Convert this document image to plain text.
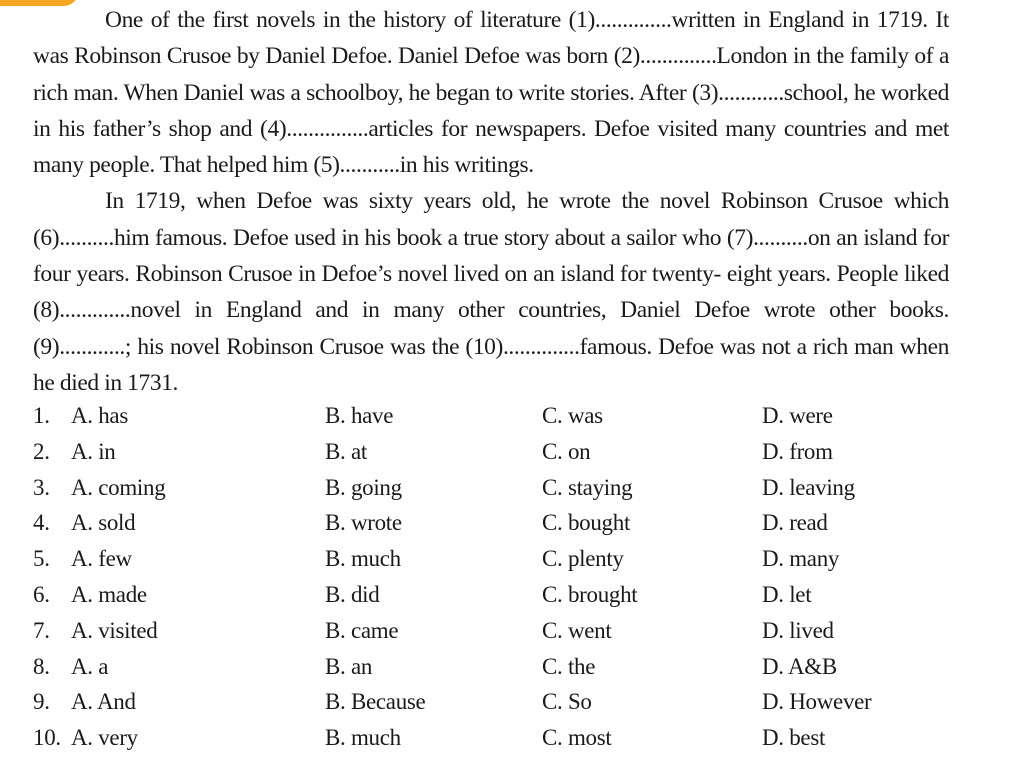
One of the first novels in the history of literature (1)..............written in England in 1719. It was Robinson Crusoe by Daniel Defoe. Daniel Defoe was born (2)..............London in the family of a rich man. When Daniel was a schoolboy, he began to write stories. After (3)............school, he worked in his father’s shop and (4)...............articles for newspapers. Defoe visited many countries and met many people. That helped him (5)...........in his writings.

In 1719, when Defoe was sixty years old, he wrote the novel Robinson Crusoe which (6)..........him famous. Defoe used in his book a true story about a sailor who (7)..........on an island for four years. Robinson Crusoe in Defoe’s novel lived on an island for twenty- eight years. People liked (8).............novel in England and in many other countries, Daniel Defoe wrote other books. (9)............; his novel Robinson Crusoe was the (10)..............famous. Defoe was not a rich man when he died in 1731.

1. A. has	B. have	C. was	D. were
2. A. in	B. at	C. on	D. from
3. A. coming	B. going	C. staying	D. leaving
4. A. sold	B. wrote	C. bought	D. read
5. A. few	B. much	C. plenty	D. many
6. A. made	B. did	C. brought	D. let
7. A. visited	B. came	C. went	D. lived
8. A. a	B. an	C. the	D. A&B
9. A. And	B. Because	C. So	D. However
10. A. very	B. much	C. most	D. best
